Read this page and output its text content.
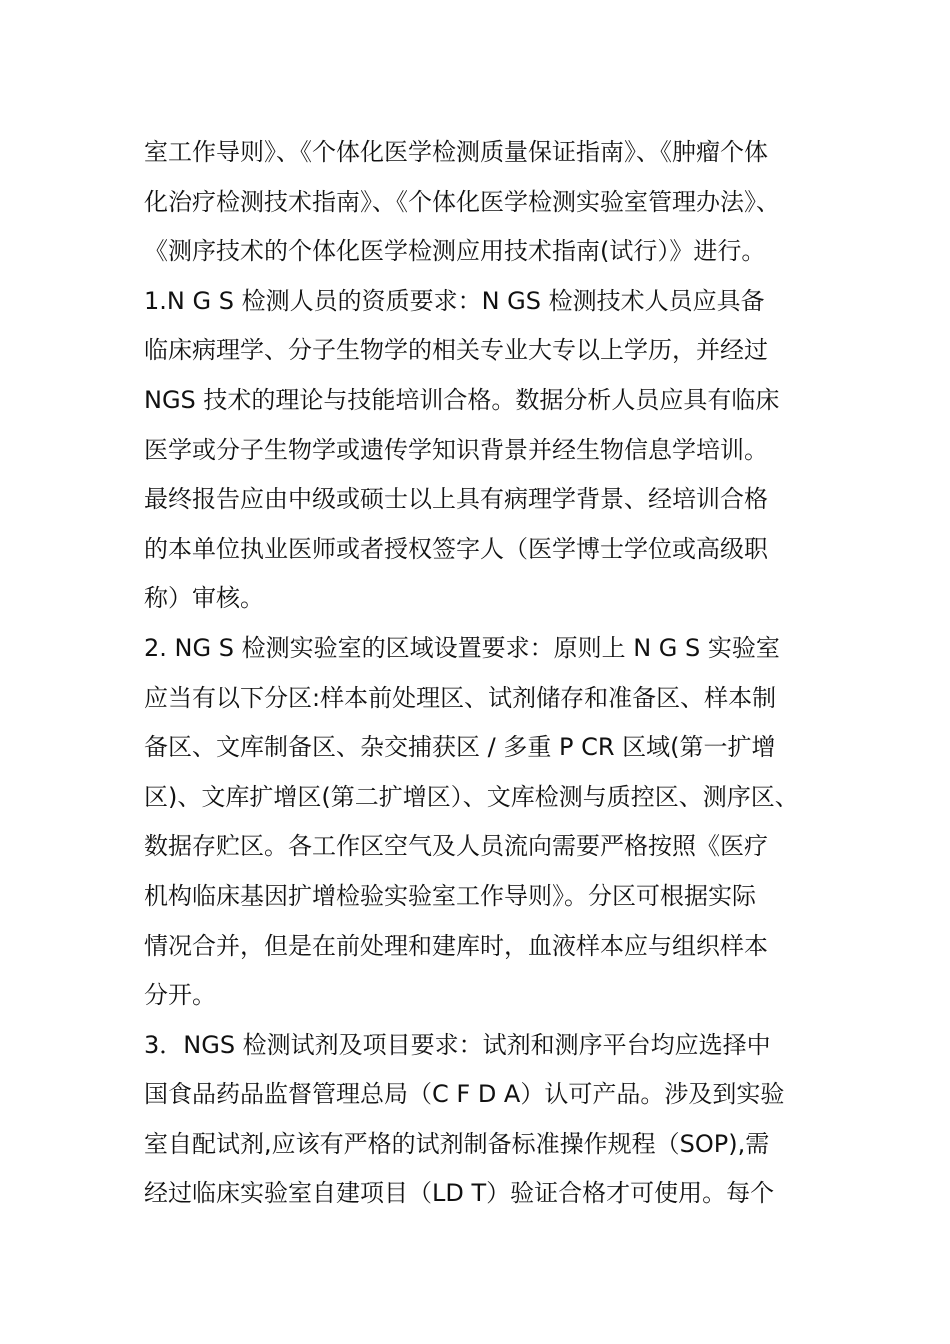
室工作导则》、《个体化医学检测质量保证指南》、《肿瘤个体
化治疗检测技术指南》、《个体化医学检测实验室管理办法》、
《测序技术的个体化医学检测应用技术指南(试行）》进行。
1.N G S 检测人员的资质要求：N GS 检测技术人员应具备
临床病理学、分子生物学的相关专业大专以上学历，并经过
NGS 技术的理论与技能培训合格。数据分析人员应具有临床
医学或分子生物学或遗传学知识背景并经生物信息学培训。
最终报告应由中级或硕士以上具有病理学背景、经培训合格
的本单位执业医师或者授权签字人（医学博士学位或高级职
称）审核。
2. NG S 检测实验室的区域设置要求：原则上 N G S 实验室
应当有以下分区:样本前处理区、试剂储存和准备区、样本制
备区、文库制备区、杂交捕获区 / 多重 P CR 区域(第一扩增
区)、文库扩增区(第二扩增区）、文库检测与质控区、测序区、
数据存贮区。各工作区空气及人员流向需要严格按照《医疗
机构临床基因扩增检验实验室工作导则》。分区可根据实际
情况合并，但是在前处理和建库时，血液样本应与组织样本
分开。
3．NGS 检测试剂及项目要求：试剂和测序平台均应选择中
国食品药品监督管理总局（C F D A）认可产品。涉及到实验
室自配试剂,应该有严格的试剂制备标准操作规程（SOP),需
经过临床实验室自建项目（LD T）验证合格才可使用。每个
